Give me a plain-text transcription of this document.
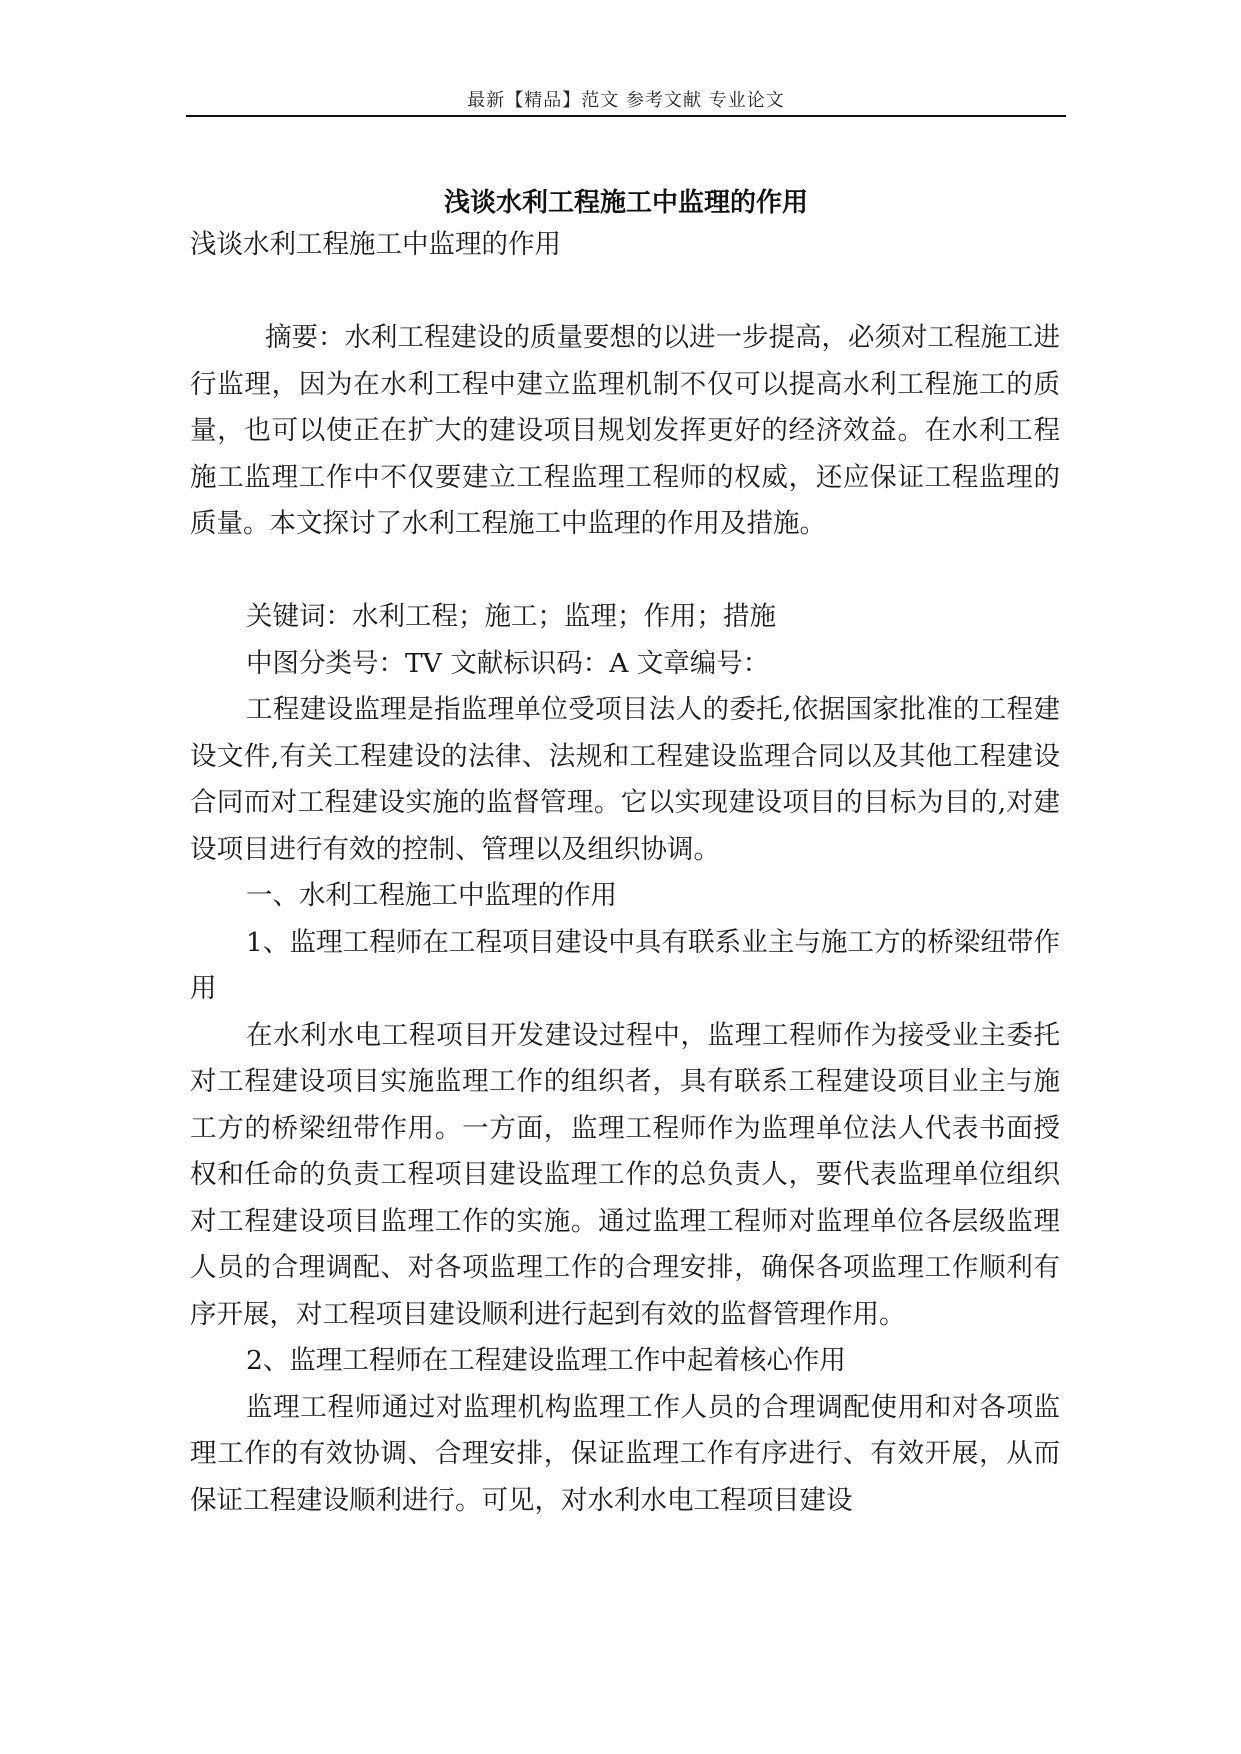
最新【精品】范文 参考文献 专业论文
浅谈水利工程施工中监理的作用

浅谈水利工程施工中监理的作用

摘要：水利工程建设的质量要想的以进一步提高，必须对工程施工进行监理，因为在水利工程中建立监理机制不仅可以提高水利工程施工的质量，也可以使正在扩大的建设项目规划发挥更好的经济效益。在水利工程施工监理工作中不仅要建立工程监理工程师的权威，还应保证工程监理的质量。本文探讨了水利工程施工中监理的作用及措施。

关键词：水利工程；施工；监理；作用；措施

中图分类号：TV 文献标识码：A 文章编号：

工程建设监理是指监理单位受项目法人的委托,依据国家批准的工程建设文件,有关工程建设的法律、法规和工程建设监理合同以及其他工程建设合同而对工程建设实施的监督管理。它以实现建设项目的目标为目的,对建设项目进行有效的控制、管理以及组织协调。

一、水利工程施工中监理的作用

1、监理工程师在工程项目建设中具有联系业主与施工方的桥梁纽带作用

在水利水电工程项目开发建设过程中，监理工程师作为接受业主委托对工程建设项目实施监理工作的组织者，具有联系工程建设项目业主与施工方的桥梁纽带作用。一方面，监理工程师作为监理单位法人代表书面授权和任命的负责工程项目建设监理工作的总负责人，要代表监理单位组织对工程建设项目监理工作的实施。通过监理工程师对监理单位各层级监理人员的合理调配、对各项监理工作的合理安排，确保各项监理工作顺利有序开展，对工程项目建设顺利进行起到有效的监督管理作用。

2、监理工程师在工程建设监理工作中起着核心作用

监理工程师通过对监理机构监理工作人员的合理调配使用和对各项监理工作的有效协调、合理安排，保证监理工作有序进行、有效开展，从而保证工程建设顺利进行。可见，对水利水电工程项目建设
